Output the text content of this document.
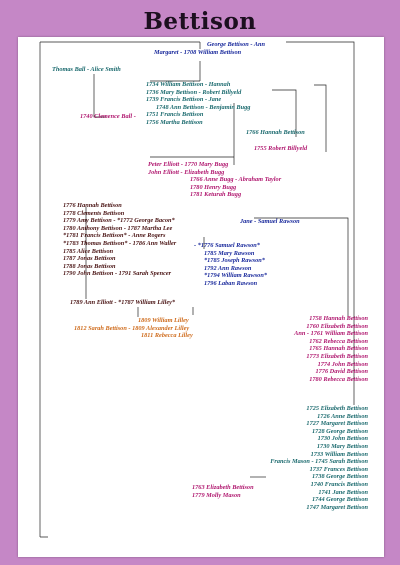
Bettison
George Bettison - Ann
Margaret - 1708 William Bettison
Thomas Ball - Alice Smith
1734 William Bettison - Hannah
1736 Mary Bettison - Robert Billyeld
1739 Francis Bettison - Jane
1748 Ann Bettison - Benjamin Bugg
1751 Francis Bettison
1756 Martha Bettison
1740 Clemence Ball -
1766 Hannah Bettison
1755 Robert Billyeld
Peter Elliott - 1770 Mary Bugg
John Elliott - Elizabeth Bugg
1766 Anne Bugg - Abraham Taylor
1780 Henry Bugg
1781 Keturah Bugg
1776 Hannah Bettison
1778 Clements Bettison
1779 Amy Bettison - *1772 George Bacon*
1780 Anthony Bettison - 1787 Martha Lee
*1781 Francis Bettison* - Anne Rogers
*1783 Thomas Bettison* - 1786 Ann Waller
1785 Alice Bettison
1787 Jonas Bettison
1788 Jonas Bettison
1790 John Bettison - 1791 Sarah Spencer
Jane - Samuel Rawson
- *1776 Samuel Rawson*
1785 Mary Rawson
*1785 Joseph Rawson*
1792 Ann Rawson
*1794 William Rawson*
1796 Laban Rawson
1789 Ann Elliott - *1787 William Lilley*
1809 William Lilley
1812 Sarah Bettison - 1809 Alexander Lilley
1811 Rebecca Lilley
1758 Hannah Bettison
1760 Elizabeth Bettison
Ann - 1761 William Bettison
1762 Rebecca Bettison
1765 Hannah Bettison
1773 Elizabeth Bettison
1774 John Bettison
1776 David Bettison
1780 Rebecca Bettison
1725 Elizabeth Bettison
1726 Anne Bettison
1727 Margaret Bettison
1728 George Bettison
1730 John Bettison
1730 Mary Bettison
1733 William Bettison
Francis Mason - 1745 Sarah Bettison
1737 Frances Bettison
1738 George Bettison
1740 Francis Bettison
1741 Jane Bettison
1744 George Bettison
1747 Margaret Bettison
1763 Elizabeth Bettison
1779 Molly Mason
